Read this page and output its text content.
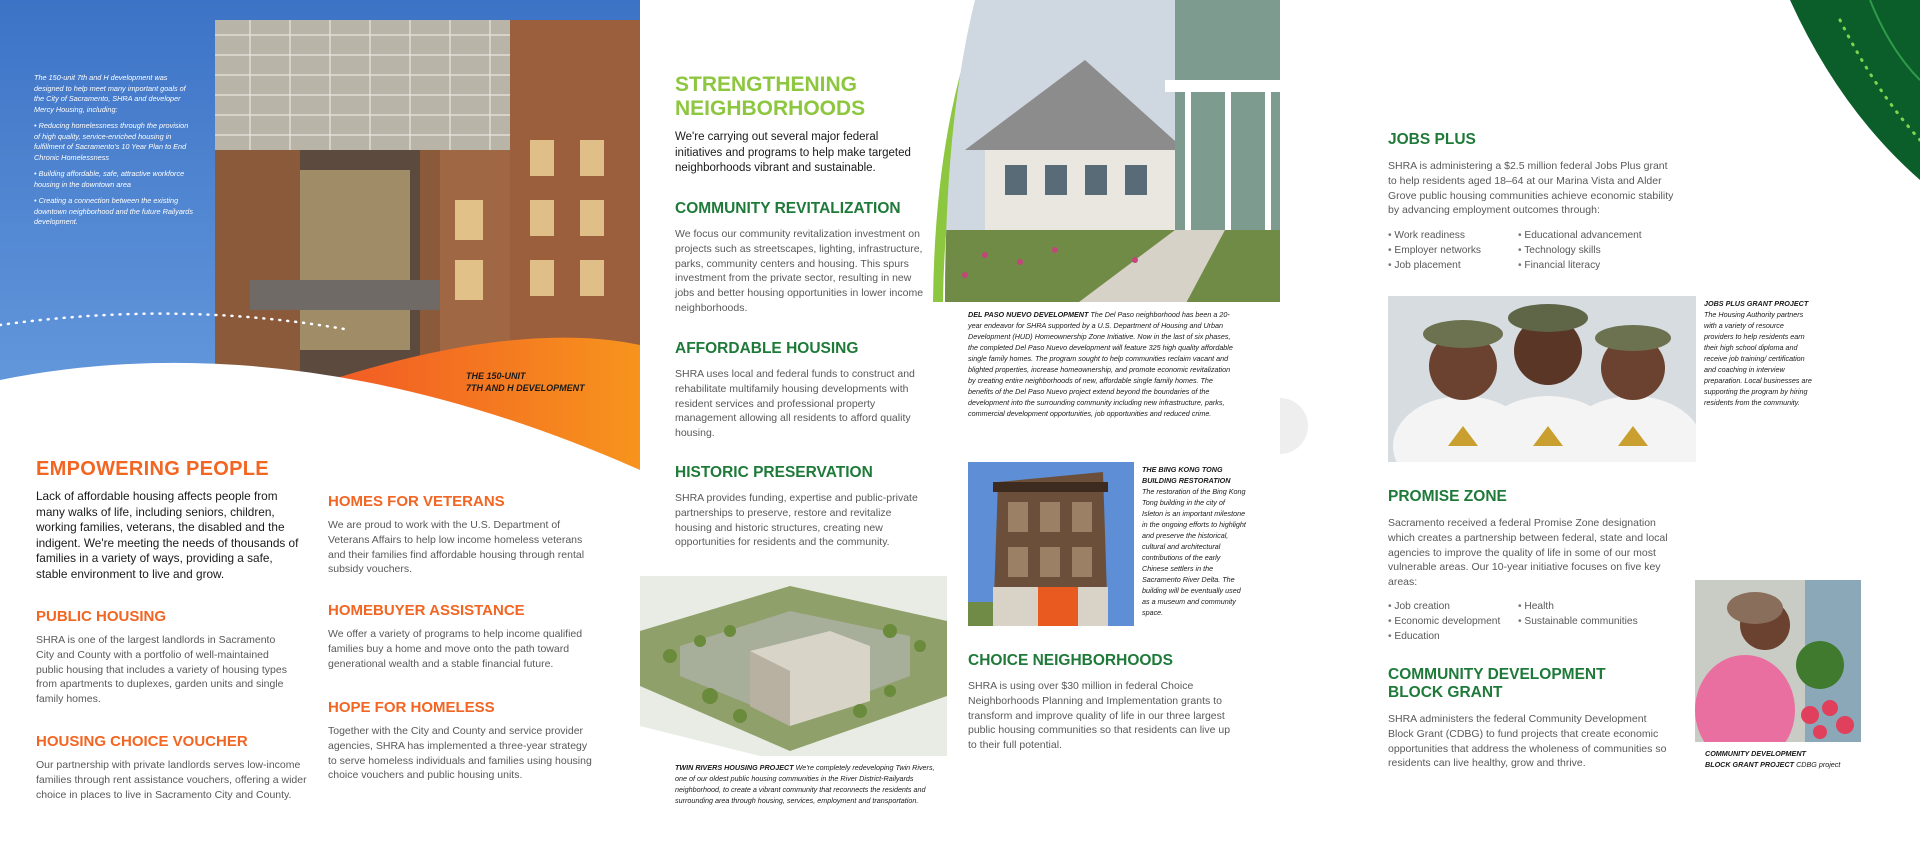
The 150-unit 7th and H development was designed to help meet many important goals of the City of Sacramento, SHRA and developer Mercy Housing, including:

• Reducing homelessness through the provision of high quality, service-enriched housing in fulfillment of Sacramento's 10 Year Plan to End Chronic Homelessness

• Building affordable, safe, attractive workforce housing in the downtown area

• Creating a connection between the existing downtown neighborhood and the future Railyards development.

THE 150-UNIT
7TH AND H DEVELOPMENT
EMPOWERING PEOPLE

Lack of affordable housing affects people from many walks of life, including seniors, children, working families, veterans, the disabled and the indigent. We're meeting the needs of thousands of families in a variety of ways, providing a safe, stable environment to live and grow.

PUBLIC HOUSING

SHRA is one of the largest landlords in Sacramento City and County with a portfolio of well-maintained public housing that includes a variety of housing types from apartments to duplexes, garden units and single family homes.

HOUSING CHOICE VOUCHER

Our partnership with private landlords serves low-income families through rent assistance vouchers, offering a wider choice in places to live in Sacramento City and County.

HOMES FOR VETERANS

We are proud to work with the U.S. Department of Veterans Affairs to help low income homeless veterans and their families find affordable housing through rental subsidy vouchers.

HOMEBUYER ASSISTANCE

We offer a variety of programs to help income qualified families buy a home and move onto the path toward generational wealth and a stable financial future.

HOPE FOR HOMELESS

Together with the City and County and service provider agencies, SHRA has implemented a three-year strategy to serve homeless individuals and families using housing choice vouchers and public housing units.

STRENGTHENING
NEIGHBORHOODS

We're carrying out several major federal initiatives and programs to help make targeted neighborhoods vibrant and sustainable.

COMMUNITY REVITALIZATION

We focus our community revitalization investment on projects such as streetscapes, lighting, infrastructure, parks, community centers and housing. This spurs investment from the private sector, resulting in new jobs and better housing opportunities in lower income neighborhoods.

AFFORDABLE HOUSING

SHRA uses local and federal funds to construct and rehabilitate multifamily housing developments with resident services and professional property management allowing all residents to afford quality housing.

HISTORIC PRESERVATION

SHRA provides funding, expertise and public-private partnerships to preserve, restore and revitalize housing and historic structures, creating new opportunities for residents and the community.

TWIN RIVERS HOUSING PROJECT We're completely redeveloping Twin Rivers, one of our oldest public housing communities in the River District-Railyards neighborhood, to create a vibrant community that reconnects the residents and surrounding area through housing, services, employment and transportation.

DEL PASO NUEVO DEVELOPMENT The Del Paso neighborhood has been a 20-year endeavor for SHRA supported by a U.S. Department of Housing and Urban Development (HUD) Homeownership Zone Initiative. Now in the last of six phases, the completed Del Paso Nuevo development will feature 325 high quality affordable single family homes. The program sought to help communities reclaim vacant and blighted properties, increase homeownership, and promote economic revitalization by creating entire neighborhoods of new, affordable single family homes. The benefits of the Del Paso Nuevo project extend beyond the boundaries of the development into the surrounding community including new infrastructure, parks, commercial development opportunities, job opportunities and reduced crime.

THE BING KONG TONG
BUILDING RESTORATION
The restoration of the Bing Kong Tong building in the city of Isleton is an important milestone in the ongoing efforts to highlight and preserve the historical, cultural and architectural contributions of the early Chinese settlers in the Sacramento River Delta. The building will be eventually used as a museum and community space.

CHOICE NEIGHBORHOODS

SHRA is using over $30 million in federal Choice Neighborhoods Planning and Implementation grants to transform and improve quality of life in our three largest public housing communities so that residents can live up to their full potential.

JOBS PLUS

SHRA is administering a $2.5 million federal Jobs Plus grant to help residents aged 18–64 at our Marina Vista and Alder Grove public housing communities achieve economic stability by advancing employment outcomes through:

• Work readiness
• Employer networks
• Job placement
• Educational advancement
• Technology skills
• Financial literacy

JOBS PLUS GRANT PROJECT
The Housing Authority partners with a variety of resource providers to help residents earn their high school diploma and receive job training/ certification and coaching in interview preparation. Local businesses are supporting the program by hiring residents from the community.

PROMISE ZONE

Sacramento received a federal Promise Zone designation which creates a partnership between federal, state and local agencies to improve the quality of life in some of our most vulnerable areas. Our 10-year initiative focuses on five key areas:

• Job creation
• Economic development
• Education
• Health
• Sustainable communities
COMMUNITY DEVELOPMENT
BLOCK GRANT

SHRA administers the federal Community Development Block Grant (CDBG) to fund projects that create economic opportunities that address the wholeness of communities so residents can live healthy, grow and thrive.

COMMUNITY DEVELOPMENT
BLOCK GRANT PROJECT CDBG project
